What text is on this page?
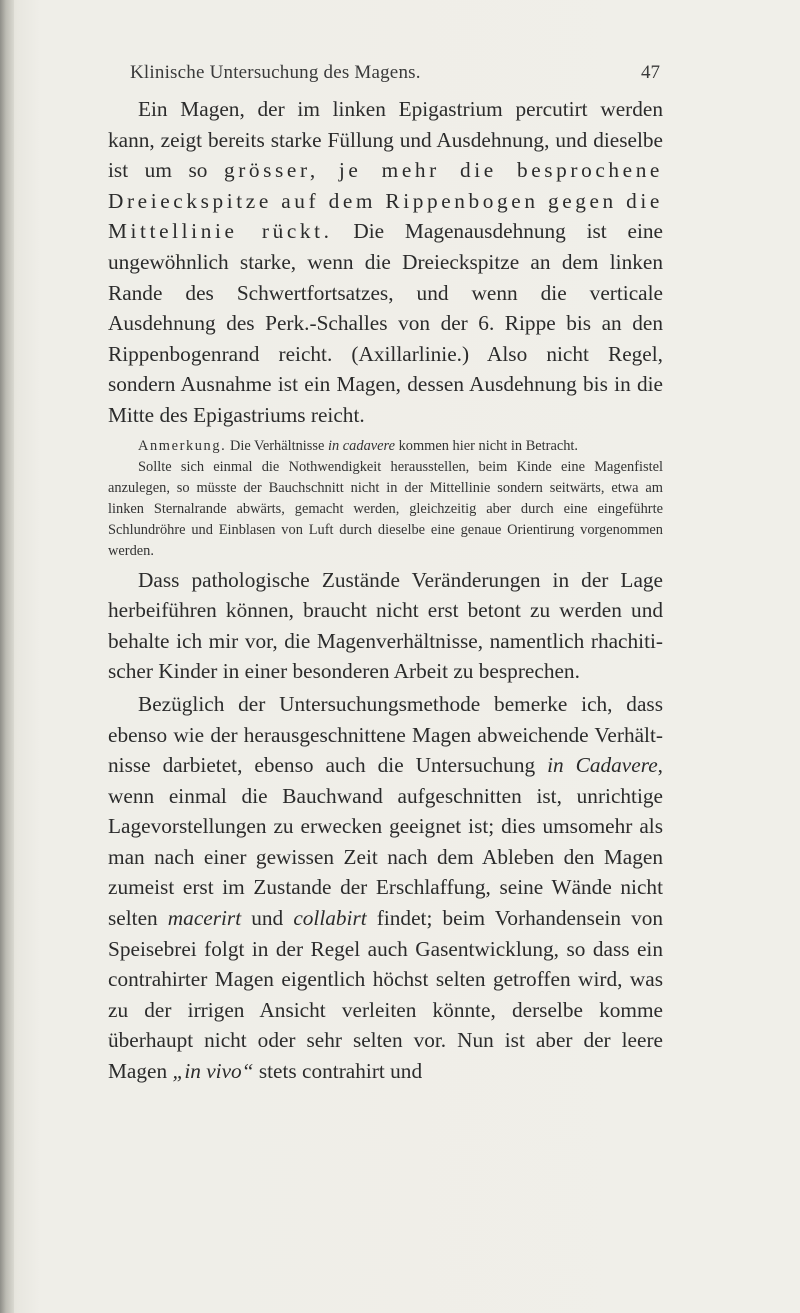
Klinische Untersuchung des Magens.	47

Ein Magen, der im linken Epigastrium percutirt werden kann, zeigt bereits starke Füllung und Ausdehnung, und dieselbe ist um so grösser, je mehr die besprochene Dreieckspitze auf dem Rippenbogen gegen die Mittellinie rückt. Die Magenausdehnung ist eine ungewöhnlich starke, wenn die Dreieckspitze an dem linken Rande des Schwertfortsatzes, und wenn die verticale Ausdehnung des Perk.-Schalles von der 6. Rippe bis an den Rippenbogenrand reicht. (Axillarlinie.) Also nicht Regel, sondern Ausnahme ist ein Magen, dessen Ausdehnung bis in die Mitte des Epigastriums reicht.

Anmerkung. Die Verhältnisse in cadavere kommen hier nicht in Betracht.

Sollte sich einmal die Nothwendigkeit herausstellen, beim Kinde eine Magenfistel anzulegen, so müsste der Bauchschnitt nicht in der Mittellinie sondern seitwärts, etwa am linken Sternalrande abwärts, gemacht werden, gleichzeitig aber durch eine eingeführte Schlundröhre und Einblasen von Luft durch dieselbe eine genaue Orientirung vorgenommen werden.

Dass pathologische Zustände Veränderungen in der Lage herbeiführen können, braucht nicht erst betont zu werden und behalte ich mir vor, die Magenverhältnisse, namentlich rhachitischer Kinder in einer besonderen Arbeit zu besprechen.

Bezüglich der Untersuchungsmethode bemerke ich, dass ebenso wie der herausgeschnittene Magen abweichende Verhältnisse darbietet, ebenso auch die Untersuchung in Cadavere, wenn einmal die Bauchwand aufgeschnitten ist, unrichtige Lagevorstellungen zu erwecken geeignet ist; dies umsomehr als man nach einer gewissen Zeit nach dem Ableben den Magen zumeist erst im Zustande der Erschlaffung, seine Wände nicht selten macerirt und collabirt findet; beim Vorhandensein von Speisebrei folgt in der Regel auch Gasentwicklung, so dass ein contrahirter Magen eigentlich höchst selten getroffen wird, was zu der irrigen Ansicht verleiten könnte, derselbe komme überhaupt nicht oder sehr selten vor. Nun ist aber der leere Magen „in vivo“ stets contrahirt und
